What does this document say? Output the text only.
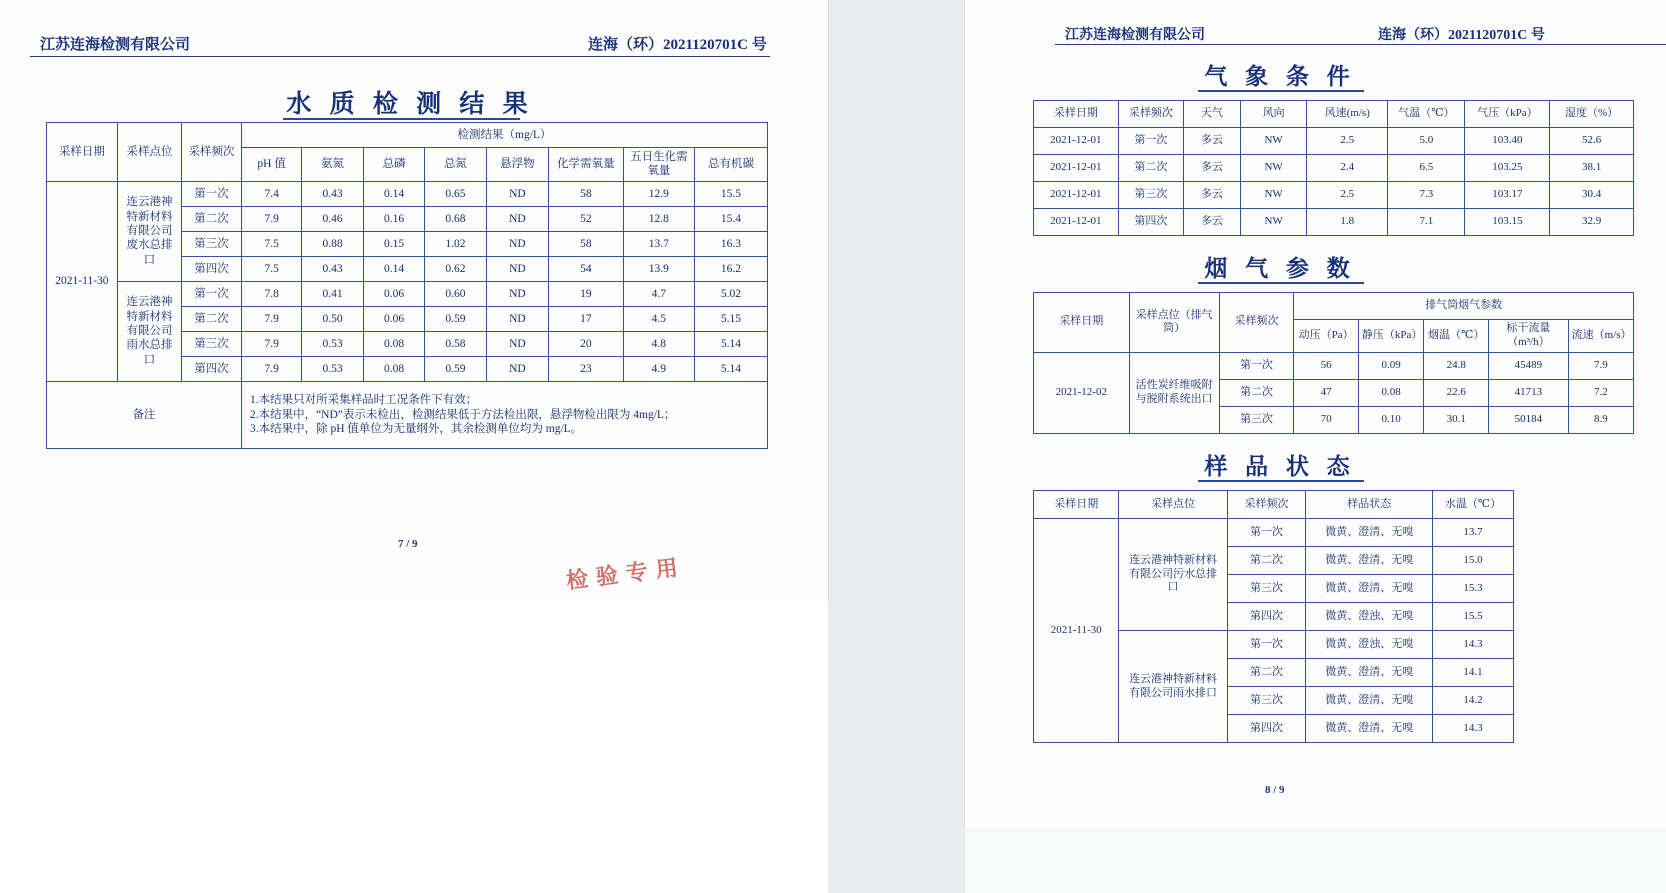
江苏连海检测有限公司	连海（环）2021120701C 号
水 质 检 测 结 果
采样日期	采样点位	采样频次	检测结果（mg/L）							
			pH 值	氨氮	总磷	总氮	悬浮物	化学需氧量	五日生化需氧量	总有机碳
2021-11-30	连云港神特新材料有限公司废水总排口	第一次	7.4	0.43	0.14	0.65	ND	58	12.9	15.5
		第二次	7.9	0.46	0.16	0.68	ND	52	12.8	15.4
		第三次	7.5	0.88	0.15	1.02	ND	58	13.7	16.3
		第四次	7.5	0.43	0.14	0.62	ND	54	13.9	16.2
	连云港神特新材料有限公司雨水总排口	第一次	7.8	0.41	0.06	0.60	ND	19	4.7	5.02
		第二次	7.9	0.50	0.06	0.59	ND	17	4.5	5.15
		第三次	7.9	0.53	0.08	0.58	ND	20	4.8	5.14
		第四次	7.9	0.53	0.08	0.59	ND	23	4.9	5.14
备注			1.本结果只对所采集样品时工况条件下有效；
2.本结果中，“ND”表示未检出，检测结果低于方法检出限，悬浮物检出限为 4mg/L；
3.本结果中，除 pH 值单位为无量纲外，其余检测单位均为 mg/L。							
7 / 9
检验专用
江苏连海检测有限公司	连海（环）2021120701C 号
气 象 条 件
采样日期	采样频次	天气	风向	风速(m/s)	气温（℃）	气压（kPa）	湿度（%）
2021-12-01	第一次	多云	NW	2.5	5.0	103.40	52.6
2021-12-01	第二次	多云	NW	2.4	6.5	103.25	38.1
2021-12-01	第三次	多云	NW	2.5	7.3	103.17	30.4
2021-12-01	第四次	多云	NW	1.8	7.1	103.15	32.9
烟 气 参 数
采样日期	采样点位（排气筒）	采样频次	排气筒烟气参数				
			动压（Pa）	静压（kPa）	烟温（℃）	标干流量（m³/h）	流速（m/s）
2021-12-02	活性炭纤维吸附与脱附系统出口	第一次	56	0.09	24.8	45489	7.9
		第二次	47	0.08	22.6	41713	7.2
		第三次	70	0.10	30.1	50184	8.9
样 品 状 态
采样日期	采样点位	采样频次	样品状态	水温（℃）
2021-11-30	连云港神特新材料有限公司污水总排口	第一次	微黄、澄清、无嗅	13.7
		第二次	微黄、澄清、无嗅	15.0
		第三次	微黄、澄清、无嗅	15.3
		第四次	微黄、澄浊、无嗅	15.5
	连云港神特新材料有限公司雨水排口	第一次	微黄、澄浊、无嗅	14.3
		第二次	微黄、澄清、无嗅	14.1
		第三次	微黄、澄清、无嗅	14.2
		第四次	微黄、澄清、无嗅	14.3
8 / 9
